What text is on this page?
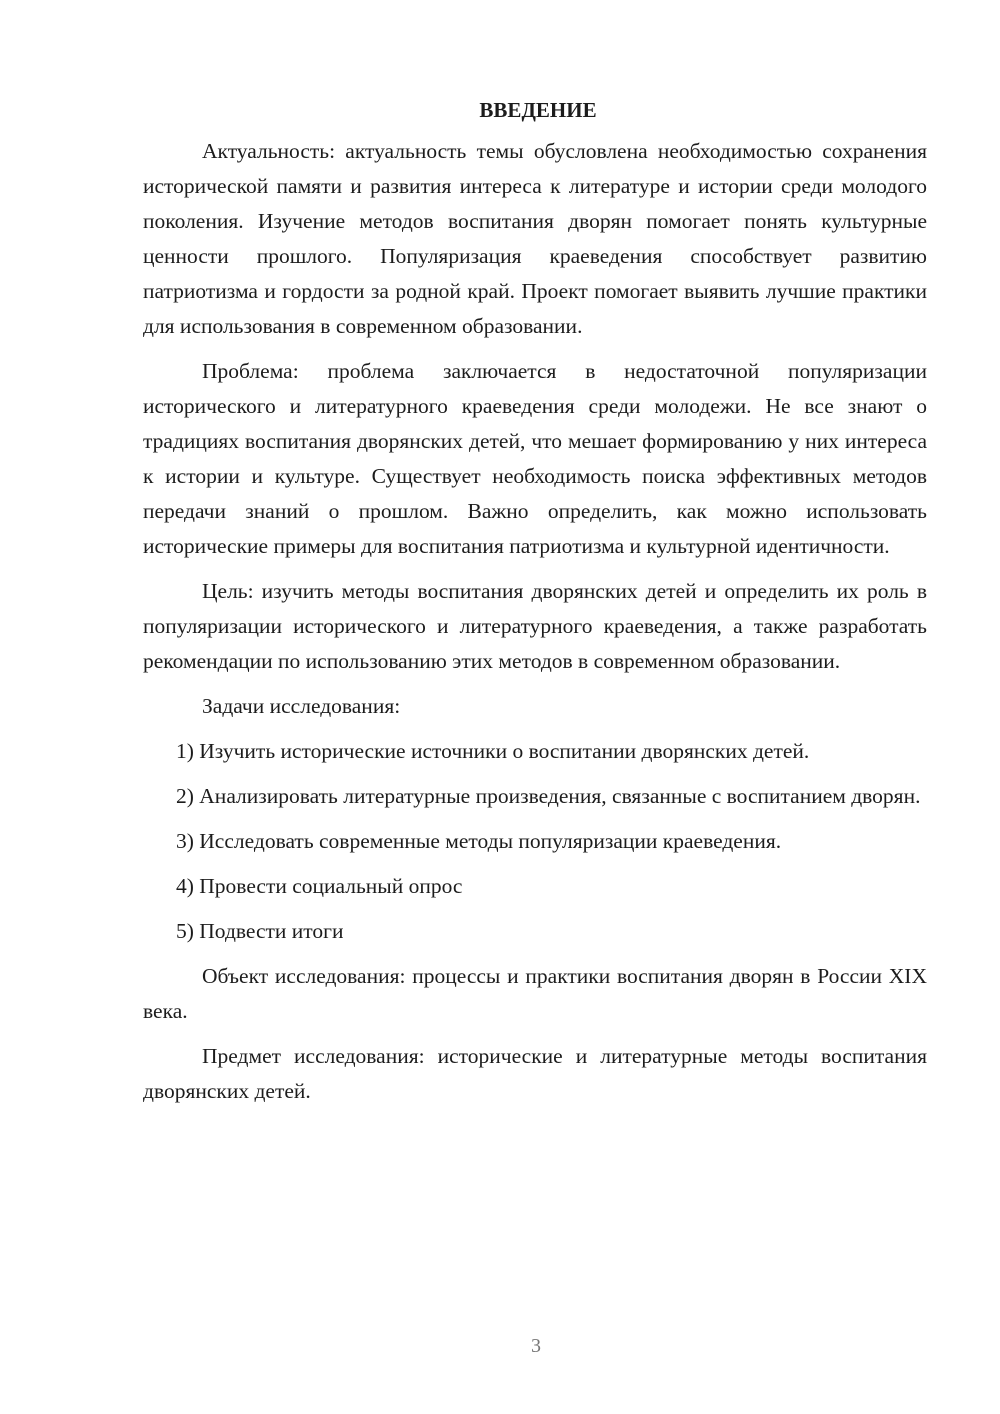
ВВЕДЕНИЕ

Актуальность: актуальность темы обусловлена необходимостью сохранения исторической памяти и развития интереса к литературе и истории среди молодого поколения. Изучение методов воспитания дворян помогает понять культурные ценности прошлого. Популяризация краеведения способствует развитию патриотизма и гордости за родной край. Проект помогает выявить лучшие практики для использования в современном образовании.

Проблема: проблема заключается в недостаточной популяризации исторического и литературного краеведения среди молодежи. Не все знают о традициях воспитания дворянских детей, что мешает формированию у них интереса к истории и культуре. Существует необходимость поиска эффективных методов передачи знаний о прошлом. Важно определить, как можно использовать исторические примеры для воспитания патриотизма и культурной идентичности.

Цель: изучить методы воспитания дворянских детей и определить их роль в популяризации исторического и литературного краеведения, а также разработать рекомендации по использованию этих методов в современном образовании.

Задачи исследования:

1) Изучить исторические источники о воспитании дворянских детей.

2) Анализировать литературные произведения, связанные с воспитанием дворян.

3) Исследовать современные методы популяризации краеведения.

4) Провести социальный опрос

5) Подвести итоги

Объект исследования: процессы и практики воспитания дворян в России XIX века.

Предмет исследования: исторические и литературные методы воспитания дворянских детей.

3
